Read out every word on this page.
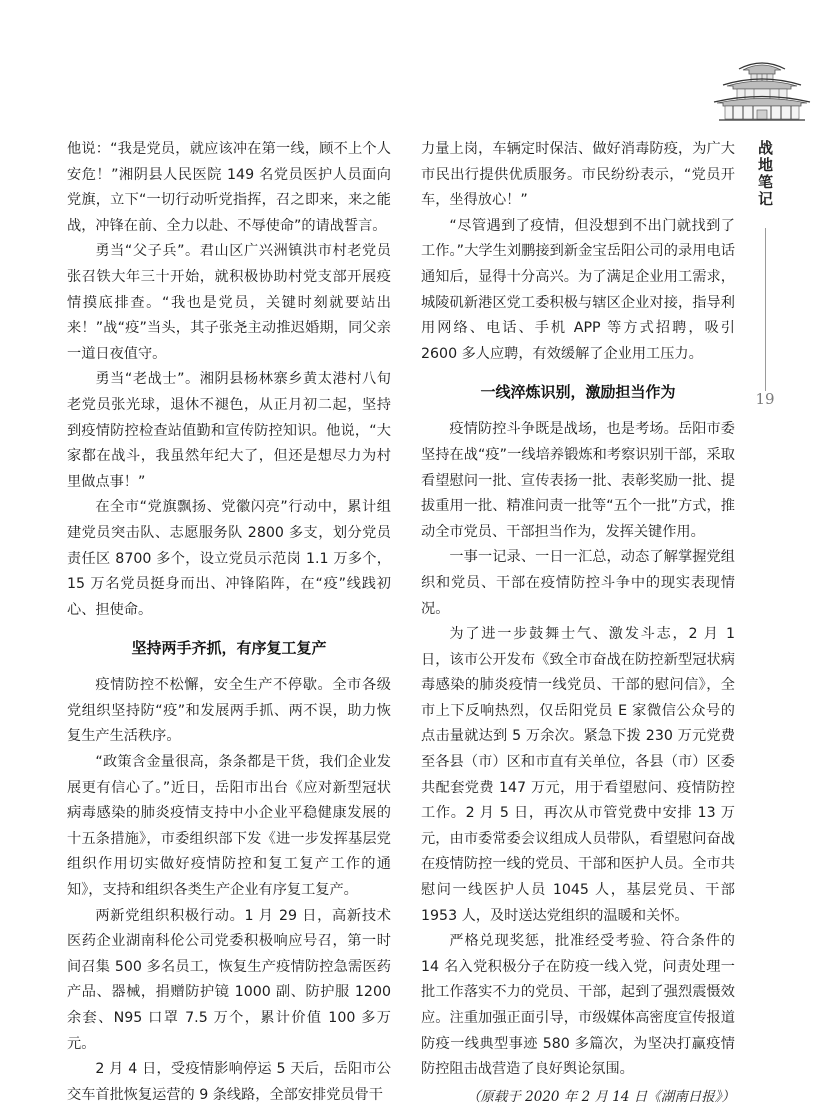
战地笔记
19

他说：“我是党员，就应该冲在第一线，顾不上个人安危！”湘阴县人民医院 149 名党员医护人员面向党旗，立下“一切行动听党指挥，召之即来，来之能战，冲锋在前、全力以赴、不辱使命”的请战誓言。

勇当“父子兵”。君山区广兴洲镇洪市村老党员张召铁大年三十开始，就积极协助村党支部开展疫情摸底排查。“我也是党员，关键时刻就要站出来！”战“疫”当头，其子张尧主动推迟婚期，同父亲一道日夜值守。

勇当“老战士”。湘阴县杨林寨乡黄太港村八旬老党员张光球，退休不褪色，从正月初二起，坚持到疫情防控检查站值勤和宣传防控知识。他说，“大家都在战斗，我虽然年纪大了，但还是想尽力为村里做点事！”

在全市“党旗飘扬、党徽闪亮”行动中，累计组建党员突击队、志愿服务队 2800 多支，划分党员责任区 8700 多个，设立党员示范岗 1.1 万多个，15 万名党员挺身而出、冲锋陷阵，在“疫”线践初心、担使命。

坚持两手齐抓，有序复工复产

疫情防控不松懈，安全生产不停歇。全市各级党组织坚持防“疫”和发展两手抓、两不误，助力恢复生产生活秩序。

“政策含金量很高，条条都是干货，我们企业发展更有信心了。”近日，岳阳市出台《应对新型冠状病毒感染的肺炎疫情支持中小企业平稳健康发展的十五条措施》，市委组织部下发《进一步发挥基层党组织作用切实做好疫情防控和复工复产工作的通知》，支持和组织各类生产企业有序复工复产。

两新党组织积极行动。1 月 29 日，高新技术医药企业湖南科伦公司党委积极响应号召，第一时间召集 500 多名员工，恢复生产疫情防控急需医药产品、器械，捐赠防护镜 1000 副、防护服 1200 余套、N95 口罩 7.5 万个，累计价值 100 多万元。

2 月 4 日，受疫情影响停运 5 天后，岳阳市公交车首批恢复运营的 9 条线路，全部安排党员骨干

力量上岗，车辆定时保洁、做好消毒防疫，为广大市民出行提供优质服务。市民纷纷表示，“党员开车，坐得放心！”

“尽管遇到了疫情，但没想到不出门就找到了工作。”大学生刘鹏接到新金宝岳阳公司的录用电话通知后，显得十分高兴。为了满足企业用工需求，城陵矶新港区党工委积极与辖区企业对接，指导利用网络、电话、手机 APP 等方式招聘，吸引 2600 多人应聘，有效缓解了企业用工压力。

一线淬炼识别，激励担当作为

疫情防控斗争既是战场，也是考场。岳阳市委坚持在战“疫”一线培养锻炼和考察识别干部，采取看望慰问一批、宣传表扬一批、表彰奖励一批、提拔重用一批、精准问责一批等“五个一批”方式，推动全市党员、干部担当作为，发挥关键作用。

一事一记录、一日一汇总，动态了解掌握党组织和党员、干部在疫情防控斗争中的现实表现情况。

为了进一步鼓舞士气、激发斗志，2 月 1 日，该市公开发布《致全市奋战在防控新型冠状病毒感染的肺炎疫情一线党员、干部的慰问信》，全市上下反响热烈，仅岳阳党员 E 家微信公众号的点击量就达到 5 万余次。紧急下拨 230 万元党费至各县（市）区和市直有关单位，各县（市）区委共配套党费 147 万元，用于看望慰问、疫情防控工作。2 月 5 日，再次从市管党费中安排 13 万元，由市委常委会议组成人员带队，看望慰问奋战在疫情防控一线的党员、干部和医护人员。全市共慰问一线医护人员 1045 人，基层党员、干部 1953 人，及时送达党组织的温暖和关怀。

严格兑现奖惩，批准经受考验、符合条件的 14 名入党积极分子在防疫一线入党，问责处理一批工作落实不力的党员、干部，起到了强烈震慑效应。注重加强正面引导，市级媒体高密度宣传报道防疫一线典型事迹 580 多篇次，为坚决打赢疫情防控阻击战营造了良好舆论氛围。

（原载于 2020 年 2 月 14 日《湖南日报》）
